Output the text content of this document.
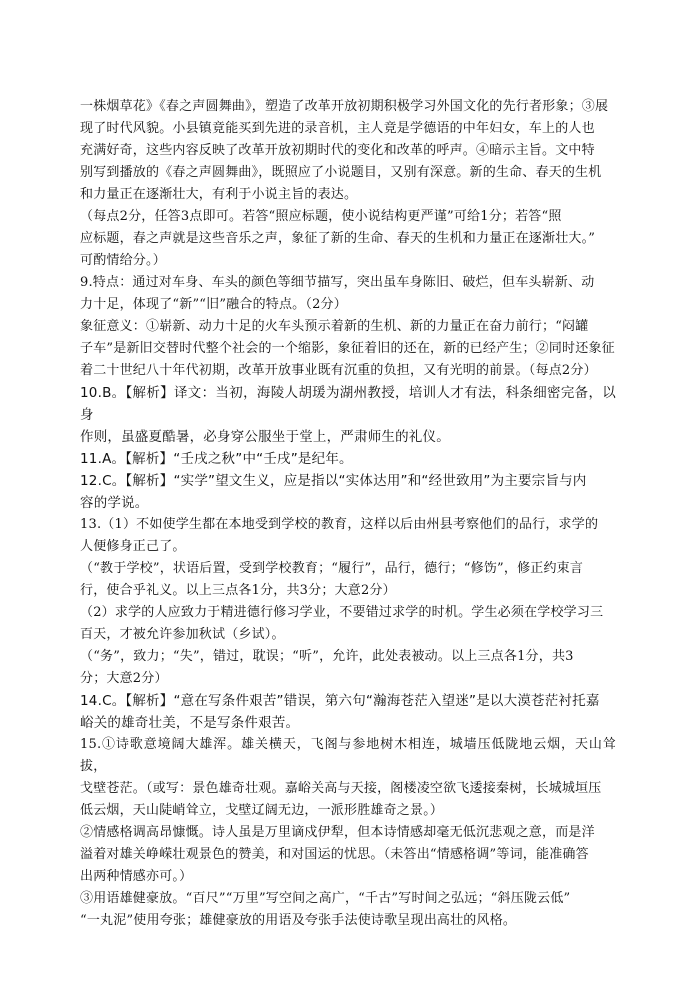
一株烟草花》《春之声圆舞曲》，塑造了改革开放初期积极学习外国文化的先行者形象；③展

现了时代风貌。小县镇竟能买到先进的录音机，主人竟是学德语的中年妇女，车上的人也

充满好奇，这些内容反映了改革开放初期时代的变化和改革的呼声。④暗示主旨。文中特

别写到播放的《春之声圆舞曲》，既照应了小说题目，又别有深意。新的生命、春天的生机

和力量正在逐渐壮大，有利于小说主旨的表达。

（每点2分，任答3点即可。若答“照应标题，使小说结构更严谨”可给1分；若答“照

应标题，春之声就是这些音乐之声，象征了新的生命、春天的生机和力量正在逐渐壮大。”

可酌情给分。）

9.特点：通过对车身、车头的颜色等细节描写，突出虽车身陈旧、破烂，但车头崭新、动

力十足，体现了“新”“旧”融合的特点。（2分）

象征意义：①崭新、动力十足的火车头预示着新的生机、新的力量正在奋力前行；“闷罐

子车”是新旧交替时代整个社会的一个缩影，象征着旧的还在，新的已经产生；②同时还象征

着二十世纪八十年代初期，改革开放事业既有沉重的负担，又有光明的前景。（每点2分）

10.B。【解析】译文：当初，海陵人胡瑗为湖州教授，培训人才有法，科条细密完备，以身

作则，虽盛夏酷暑，必身穿公服坐于堂上，严肃师生的礼仪。

11.A。【解析】“壬戌之秋”中“壬戌”是纪年。

12.C。【解析】“实学”望文生义，应是指以“实体达用”和“经世致用”为主要宗旨与内

容的学说。

13.（1）不如使学生都在本地受到学校的教育，这样以后由州县考察他们的品行，求学的

人便修身正己了。

（“教于学校”，状语后置，受到学校教育；“履行”，品行，德行；“修饬”，修正约束言

行，使合乎礼义。以上三点各1分，共3分；大意2分）

（2）求学的人应致力于精进德行修习学业，不要错过求学的时机。学生必须在学校学习三

百天，才被允许参加秋试（乡试）。

（“务”，致力；“失”，错过，耽误；“听”，允许，此处表被动。以上三点各1分，共3

分；大意2分）

14.C。【解析】“意在写条件艰苦”错误，第六句“瀚海苍茫入望迷”是以大漠苍茫衬托嘉

峪关的雄奇壮美，不是写条件艰苦。

15.①诗歌意境阔大雄浑。雄关横天，飞阁与参地树木相连，城墙压低陇地云烟，天山耸拔，

戈壁苍茫。（或写：景色雄奇壮观。嘉峪关高与天接，阁楼凌空欲飞逶接秦树，长城城垣压

低云烟，天山陡峭耸立，戈壁辽阔无边，一派形胜雄奇之景。）

②情感格调高昂慷慨。诗人虽是万里谪戍伊犁，但本诗情感却毫无低沉悲观之意，而是洋

溢着对雄关峥嵘壮观景色的赞美，和对国运的忧思。（未答出“情感格调”等词，能准确答

出两种情感亦可。）

③用语雄健豪放。“百尺”“万里”写空间之高广，“千古”写时间之弘远；“斜压陇云低”

“一丸泥”使用夸张；雄健豪放的用语及夸张手法使诗歌呈现出高壮的风格。
